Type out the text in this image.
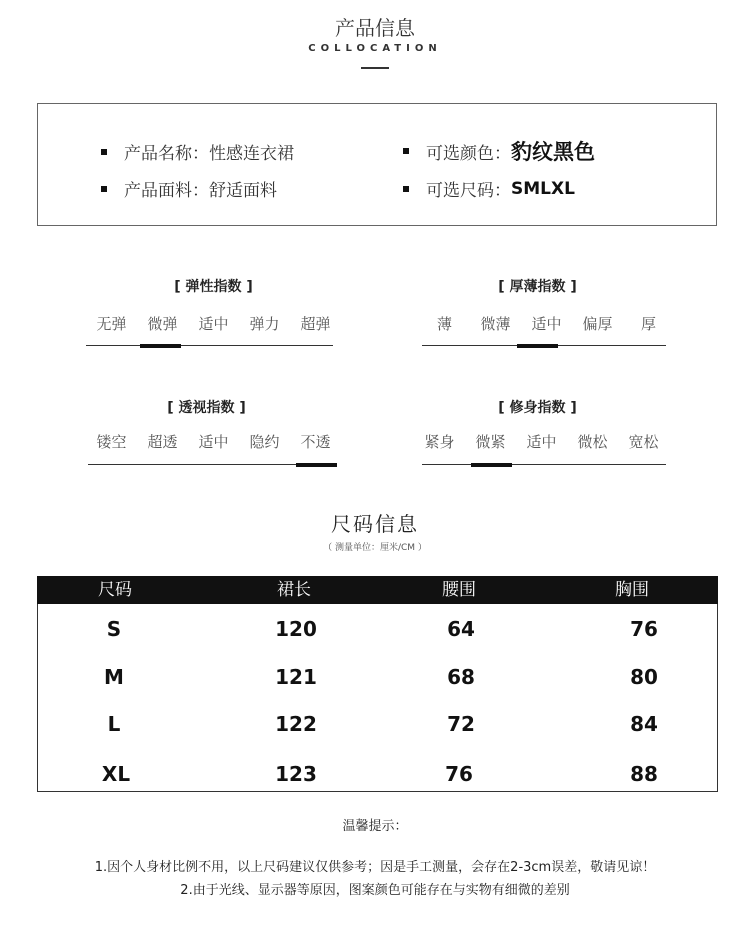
产品信息
COLLOCATION
产品名称： 性感连衣裙
产品面料： 舒适面料
可选颜色： 豹纹黑色
可选尺码： SMLXL
[ 弹性指数 ]
无弹	微弹	适中	弹力	超弹
[ 厚薄指数 ]
薄	微薄	适中	偏厚	厚
[ 透视指数 ]
镂空	超透	适中	隐约	不透
[ 修身指数 ]
紧身	微紧	适中	微松	宽松
尺码信息
（ 测量单位：厘米/CM ）
尺码	裙长	腰围	胸围
S	120	64	76
M	121	68	80
L	122	72	84
XL	123	76	88
温馨提示：
1.因个人身材比例不用，以上尺码建议仅供参考；因是手工测量，会存在2-3cm误差，敬请见谅！
2.由于光线、显示器等原因，图案颜色可能存在与实物有细微的差别
